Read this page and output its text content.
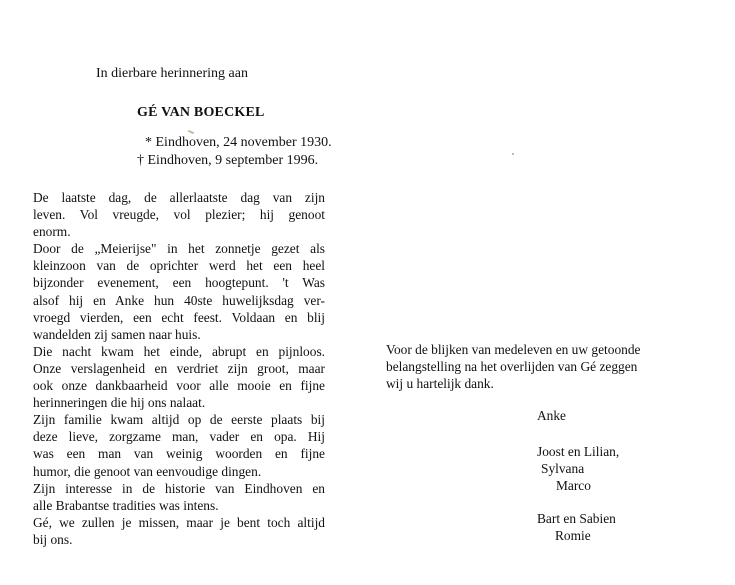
In dierbare herinnering aan
GÉ VAN BOECKEL
* Eindhoven, 24 november 1930.
† Eindhoven, 9 september 1996.
De laatste dag, de allerlaatste dag van zijn
leven. Vol vreugde, vol plezier; hij genoot
enorm.
Door de „Meierijse" in het zonnetje gezet als
kleinzoon van de oprichter werd het een heel
bijzonder evenement, een hoogtepunt. 't Was
alsof hij en Anke hun 40ste huwelijksdag ver-
vroegd vierden, een echt feest. Voldaan en blij
wandelden zij samen naar huis.
Die nacht kwam het einde, abrupt en pijnloos.
Onze verslagenheid en verdriet zijn groot, maar
ook onze dankbaarheid voor alle mooie en fijne
herinneringen die hij ons nalaat.
Zijn familie kwam altijd op de eerste plaats bij
deze lieve, zorgzame man, vader en opa. Hij
was een man van weinig woorden en fijne
humor, die genoot van eenvoudige dingen.
Zijn interesse in de historie van Eindhoven en
alle Brabantse tradities was intens.
Gé, we zullen je missen, maar je bent toch altijd
bij ons.
Voor de blijken van medeleven en uw getoonde
belangstelling na het overlijden van Gé zeggen
wij u hartelijk dank.
Anke
Joost en Lilian,
Sylvana
Marco
Bart en Sabien
Romie
